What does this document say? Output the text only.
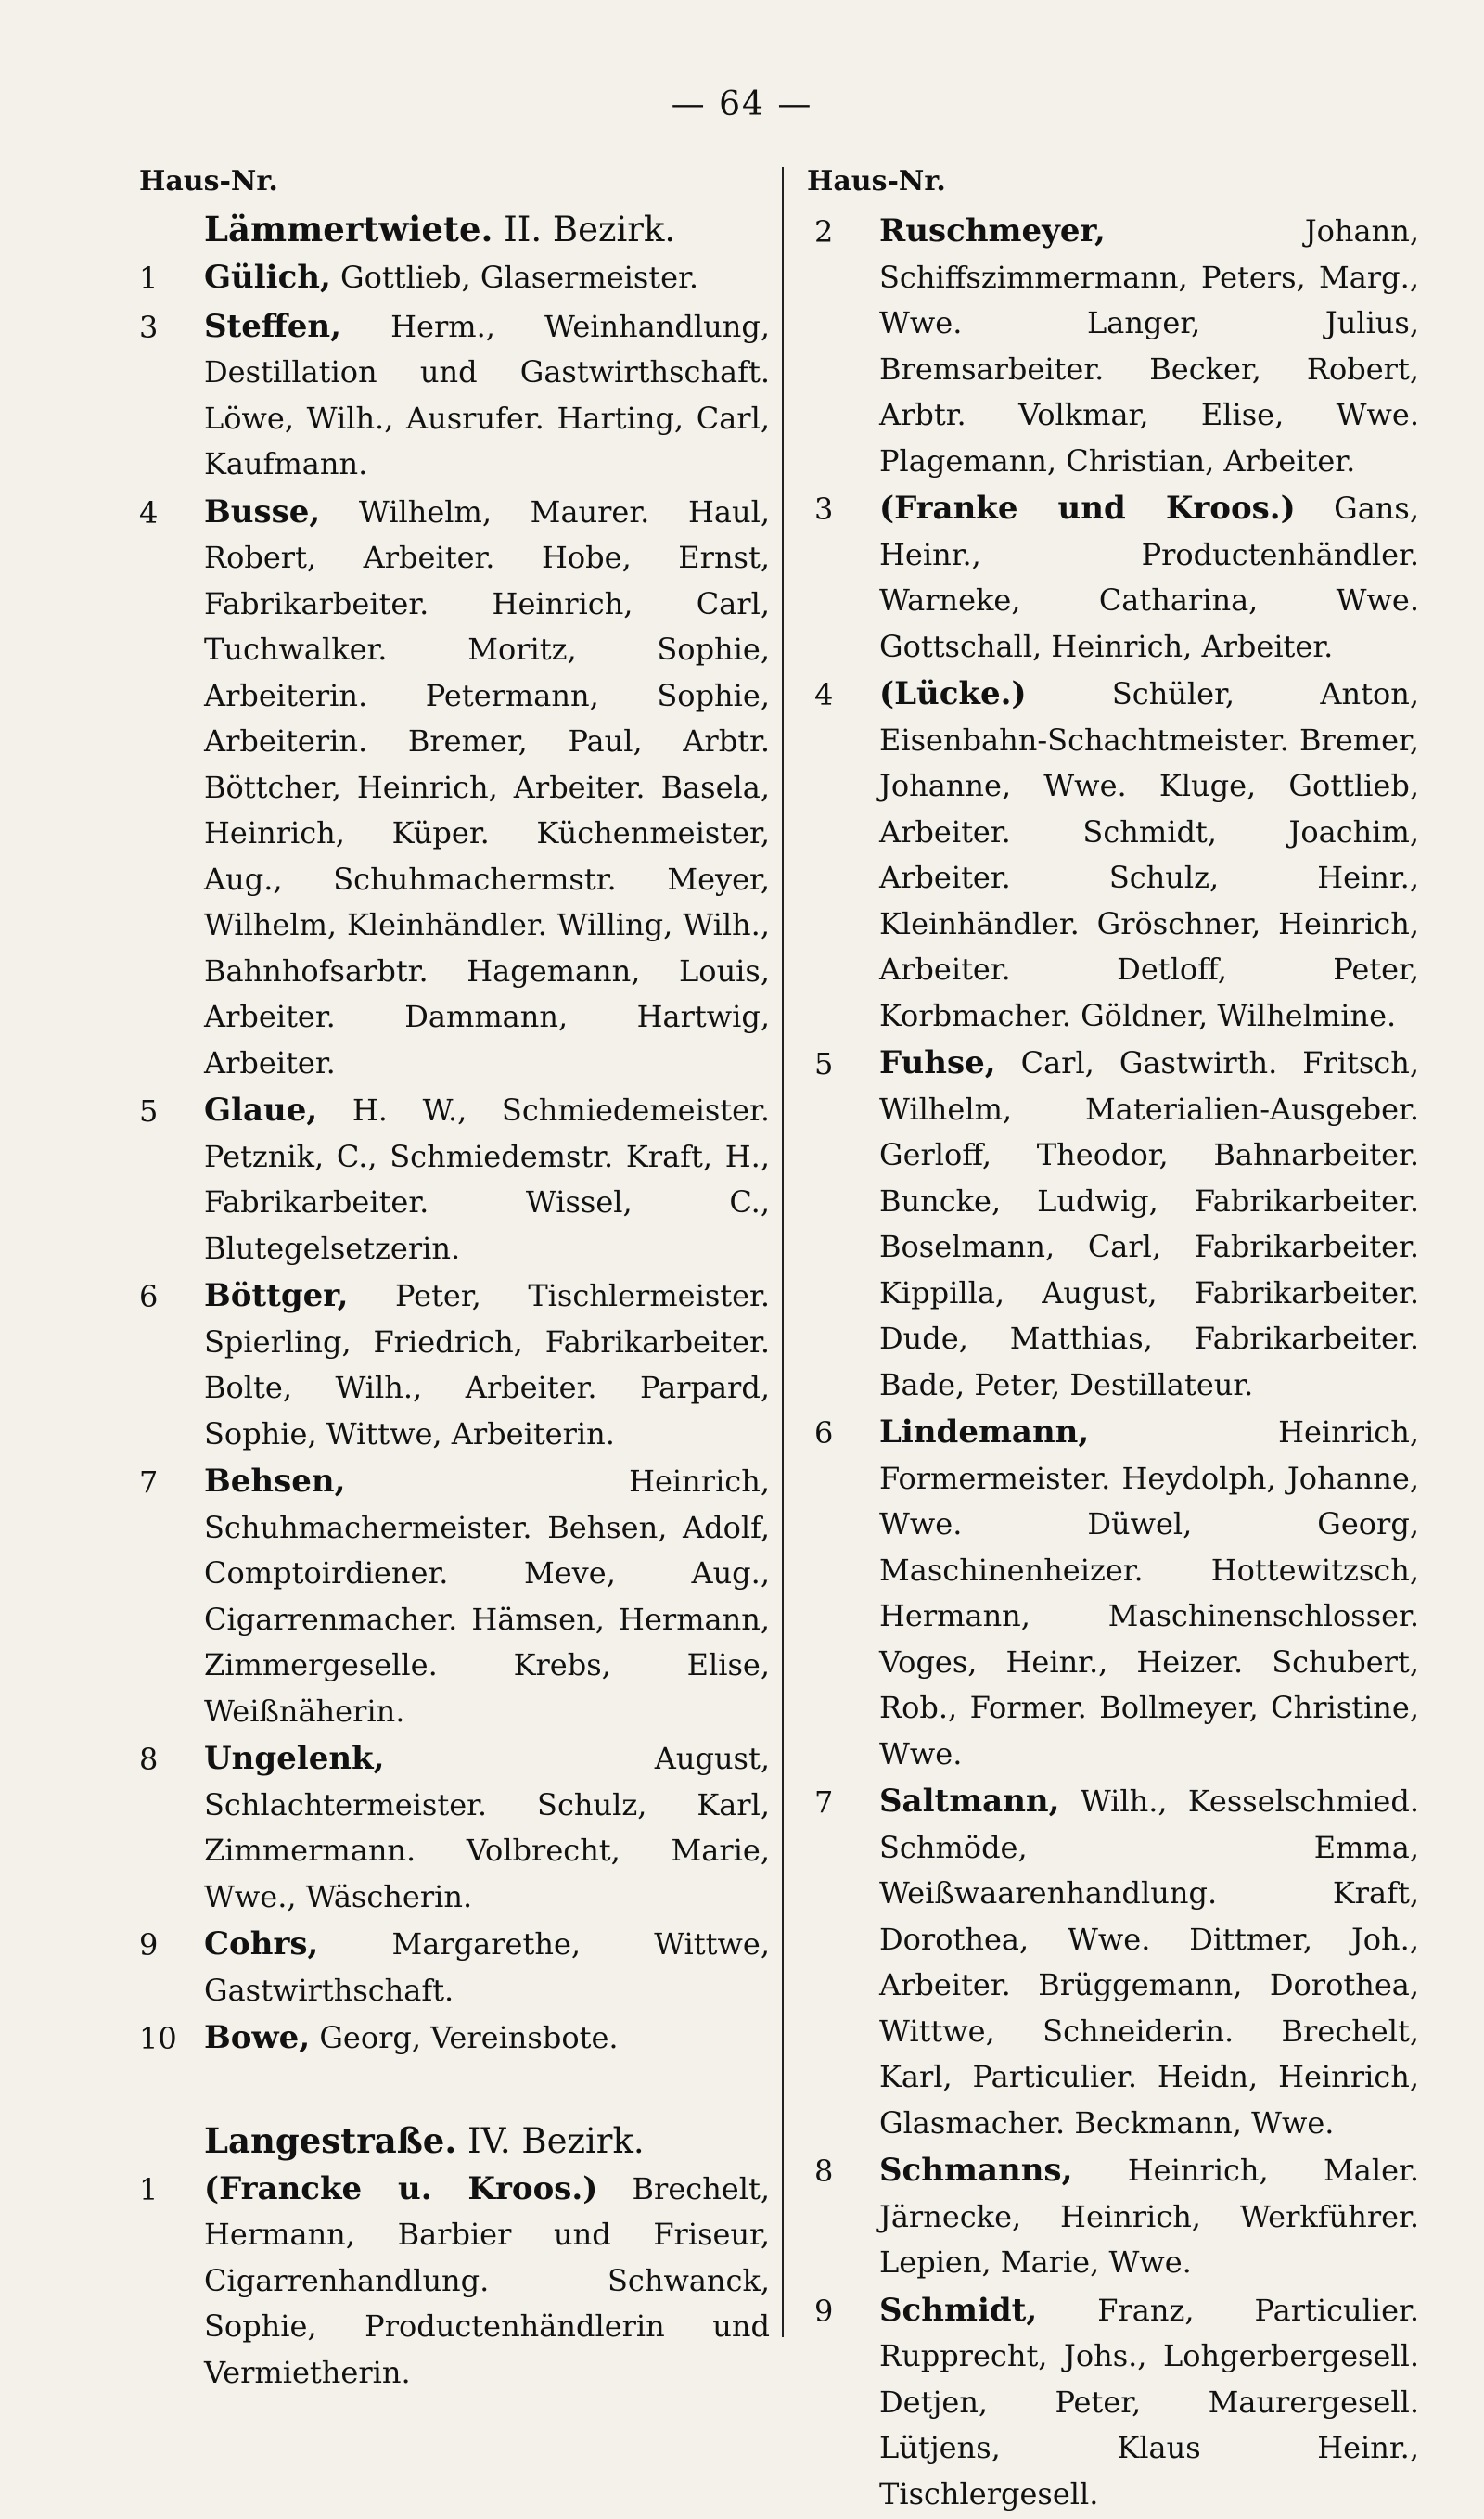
— 64 —
Haus-Nr.
Lämmertwiete. II. Bezirk.
1	Gülich, Gottlieb, Glasermeister.
3	Steffen, Herm., Weinhandlung, Destillation und Gastwirthschaft. Löwe, Wilh., Ausrufer. Harting, Carl, Kaufmann.
4	Busse, Wilhelm, Maurer. Haul, Robert, Arbeiter. Hobe, Ernst, Fabrikarbeiter. Heinrich, Carl, Tuchwalker. Moritz, Sophie, Arbeiterin. Petermann, Sophie, Arbeiterin. Bremer, Paul, Arbtr. Böttcher, Heinrich, Arbeiter. Basela, Heinrich, Küper. Küchenmeister, Aug., Schuhmachermstr. Meyer, Wilhelm, Kleinhändler. Willing, Wilh., Bahnhofsarbtr. Hagemann, Louis, Arbeiter. Dammann, Hartwig, Arbeiter.
5	Glaue, H. W., Schmiedemeister. Petznik, C., Schmiedemstr. Kraft, H., Fabrikarbeiter. Wissel, C., Blutegelsetzerin.
6	Böttger, Peter, Tischlermeister. Spierling, Friedrich, Fabrikarbeiter. Bolte, Wilh., Arbeiter. Parpard, Sophie, Wittwe, Arbeiterin.
7	Behsen,	Heinrich, Schuhmachermeister. Behsen, Adolf, Comptoirdiener. Meve, Aug., Cigarrenmacher. Hämsen, Hermann, Zimmergeselle. Krebs, Elise, Weißnäherin.
8	Ungelenk,	August, Schlachtermeister. Schulz, Karl, Zimmermann. Volbrecht, Marie, Wwe., Wäscherin.
9	Cohrs, Margarethe, Wittwe, Gastwirthschaft.
10 Bowe, Georg, Vereinsbote.
Langestraße. IV. Bezirk.
1	(Francke u. Kroos.) Brechelt, Hermann, Barbier und Friseur, Cigarrenhandlung. Schwanck, Sophie, Productenhändlerin und Vermietherin.
Haus-Nr.
2	Ruschmeyer,	Johann, Schiffszimmermann, Peters, Marg., Wwe. Langer, Julius, Bremsarbeiter. Becker, Robert, Arbtr. Volkmar, Elise, Wwe. Plagemann, Christian, Arbeiter.
3	(Franke und Kroos.) Gans, Heinr., Productenhändler. Warneke, Catharina, Wwe. Gottschall, Heinrich, Arbeiter.
4	(Lücke.)	Schüler, Anton, Eisenbahn-Schachtmeister. Bremer, Johanne, Wwe. Kluge, Gottlieb, Arbeiter. Schmidt, Joachim, Arbeiter. Schulz, Heinr., Kleinhändler. Gröschner, Heinrich, Arbeiter. Detloff, Peter, Korbmacher. Göldner, Wilhelmine.
5	Fuhse, Carl, Gastwirth. Fritsch, Wilhelm, Materialien-Ausgeber. Gerloff, Theodor, Bahnarbeiter. Buncke, Ludwig, Fabrikarbeiter. Boselmann, Carl, Fabrikarbeiter. Kippilla, August, Fabrikarbeiter. Dude, Matthias, Fabrikarbeiter. Bade, Peter, Destillateur.
6	Lindemann,	Heinrich, Formermeister. Heydolph, Johanne, Wwe. Düwel, Georg, Maschinenheizer. Hottewitzsch, Hermann, Maschinenschlosser. Voges, Heinr., Heizer. Schubert, Rob., Former. Bollmeyer, Christine, Wwe.
7	Saltmann, Wilh., Kesselschmied. Schmöde, Emma, Weißwaarenhandlung. Kraft, Dorothea, Wwe. Dittmer, Joh., Arbeiter. Brüggemann, Dorothea, Wittwe, Schneiderin. Brechelt, Karl, Particulier. Heidn, Heinrich, Glasmacher. Beckmann, Wwe.
8	Schmanns, Heinrich, Maler. Järnecke, Heinrich, Werkführer. Lepien, Marie, Wwe.
9	Schmidt, Franz, Particulier. Rupprecht, Johs., Lohgerbergesell. Detjen, Peter, Maurergesell. Lütjens, Klaus Heinr., Tischlergesell.
